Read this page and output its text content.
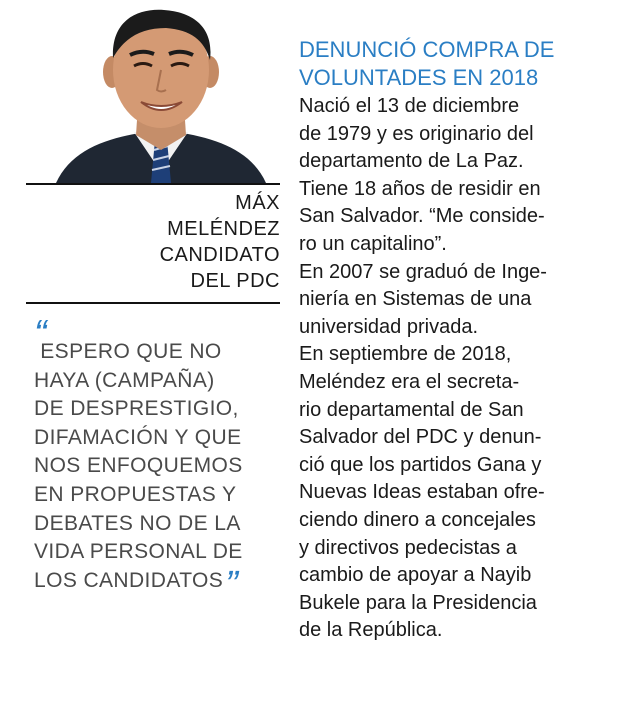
MÁX
MELÉNDEZ
CANDIDATO
DEL PDC
“
ESPERO QUE NO
HAYA (CAMPAÑA)
DE DESPRESTIGIO,
DIFAMACIÓN Y QUE
NOS ENFOQUEMOS
EN PROPUESTAS Y
DEBATES NO DE LA
VIDA PERSONAL DE
LOS CANDIDATOS”
DENUNCIÓ COMPRA DE
VOLUNTADES EN 2018
Nació el 13 de diciembre
de 1979 y es originario del
departamento de La Paz.
Tiene 18 años de residir en
San Salvador. “Me conside-
ro un capitalino”.
En 2007 se graduó de Inge-
niería en Sistemas de una
universidad privada.
En septiembre de 2018,
Meléndez era el secreta-
rio departamental de San
Salvador del PDC y denun-
ció que los partidos Gana y
Nuevas Ideas estaban ofre-
ciendo dinero a concejales
y directivos pedecistas a
cambio de apoyar a Nayib
Bukele para la Presidencia
de la República.
